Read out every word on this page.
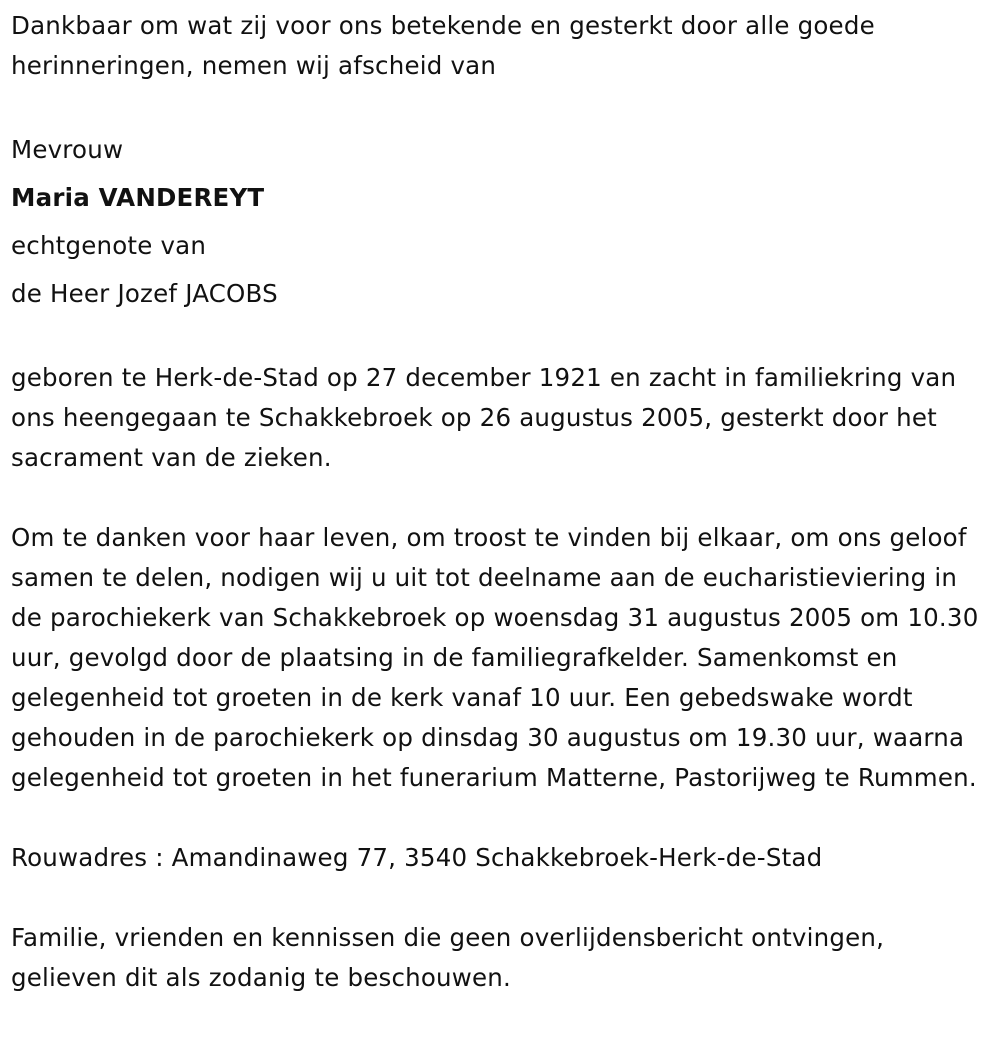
Dankbaar om wat zij voor ons betekende en gesterkt door alle goede herinneringen, nemen wij afscheid van

Mevrouw

Maria VANDEREYT

echtgenote van

de Heer Jozef JACOBS

geboren te Herk-de-Stad op 27 december 1921 en zacht in familiekring van ons heengegaan te Schakkebroek op 26 augustus 2005, gesterkt door het sacrament van de zieken.

Om te danken voor haar leven, om troost te vinden bij elkaar, om ons geloof samen te delen, nodigen wij u uit tot deelname aan de eucharistieviering in de parochiekerk van Schakkebroek op woensdag 31 augustus 2005 om 10.30 uur, gevolgd door de plaatsing in de familiegrafkelder. Samenkomst en gelegenheid tot groeten in de kerk vanaf 10 uur. Een gebedswake wordt gehouden in de parochiekerk op dinsdag 30 augustus om 19.30 uur, waarna gelegenheid tot groeten in het funerarium Matterne, Pastorijweg te Rummen.

Rouwadres : Amandinaweg 77, 3540 Schakkebroek-Herk-de-Stad

Familie, vrienden en kennissen die geen overlijdensbericht ontvingen, gelieven dit als zodanig te beschouwen.
